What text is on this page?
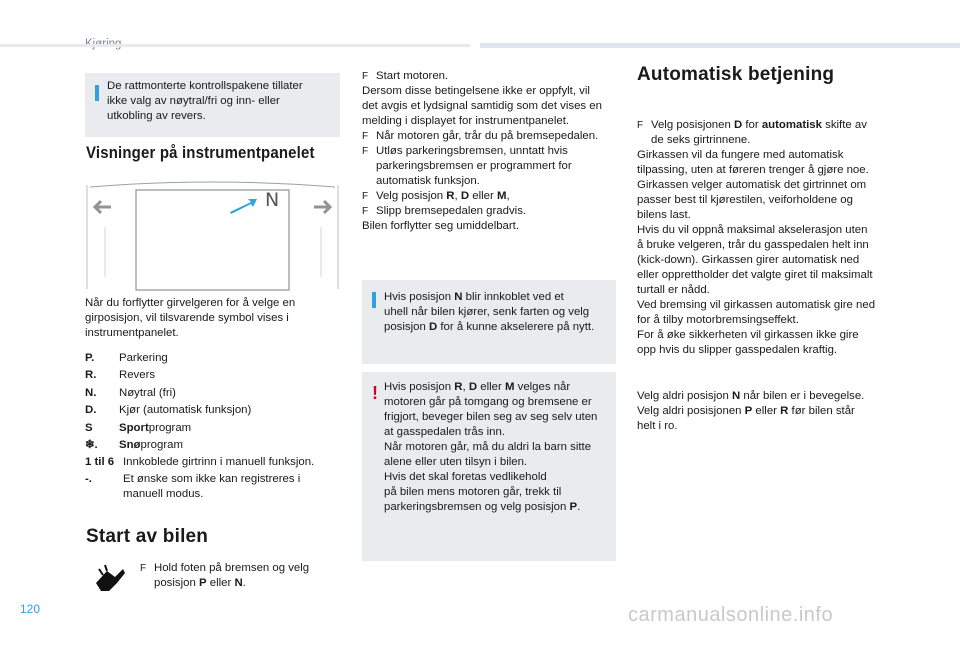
De rattmonterte kontrollspakene tillater
ikke valg av nøytral/fri og inn- eller
utkobling av revers.
Visninger på instrumentpanelet
N
Når du forflytter girvelgeren for å velge en
girposisjon, vil tilsvarende symbol vises i
instrumentpanelet.
P.	Parkering
R.	Revers
N.	Nøytral (fri)
D.	Kjør (automatisk funksjon)
S	Sportprogram
❄.	Snøprogram
1 til 6 Innkoblede girtrinn i manuell funksjon.
-.	Et ønske som ikke kan registreres i
manuell modus.
Start av bilen
F Hold foten på bremsen og velg
posisjon P eller N.
F Start motoren.
Dersom disse betingelsene ikke er oppfylt, vil
det avgis et lydsignal samtidig som det vises en
melding i displayet for instrumentpanelet.
F Når motoren går, trår du på bremsepedalen.
F Utløs parkeringsbremsen, unntatt hvis
parkeringsbremsen er programmert for
automatisk funksjon.
F Velg posisjon R, D eller M,
F Slipp bremsepedalen gradvis.
Bilen forflytter seg umiddelbart.
Hvis posisjon N blir innkoblet ved et
uhell når bilen kjører, senk farten og velg
posisjon D for å kunne akselerere på nytt.
! Hvis posisjon R, D eller M velges når
motoren går på tomgang og bremsene er
frigjort, beveger bilen seg av seg selv uten
at gasspedalen trås inn.
Når motoren går, må du aldri la barn sitte
alene eller uten tilsyn i bilen.
Hvis det skal foretas vedlikehold
på bilen mens motoren går, trekk til
parkeringsbremsen og velg posisjon P.
Automatisk betjening
F Velg posisjonen D for automatisk skifte av
de seks girtrinnene.
Girkassen vil da fungere med automatisk
tilpassing, uten at føreren trenger å gjøre noe.
Girkassen velger automatisk det girtrinnet om
passer best til kjørestilen, veiforholdene og
bilens last.
Hvis du vil oppnå maksimal akselerasjon uten
å bruke velgeren, trår du gasspedalen helt inn
(kick-down). Girkassen girer automatisk ned
eller opprettholder det valgte giret til maksimalt
turtall er nådd.
Ved bremsing vil girkassen automatisk gire ned
for å tilby motorbremsingseffekt.
For å øke sikkerheten vil girkassen ikke gire
opp hvis du slipper gasspedalen kraftig.
Velg aldri posisjon N når bilen er i bevegelse.
Velg aldri posisjonen P eller R før bilen står
helt i ro.
120	carmanualsonline.info
